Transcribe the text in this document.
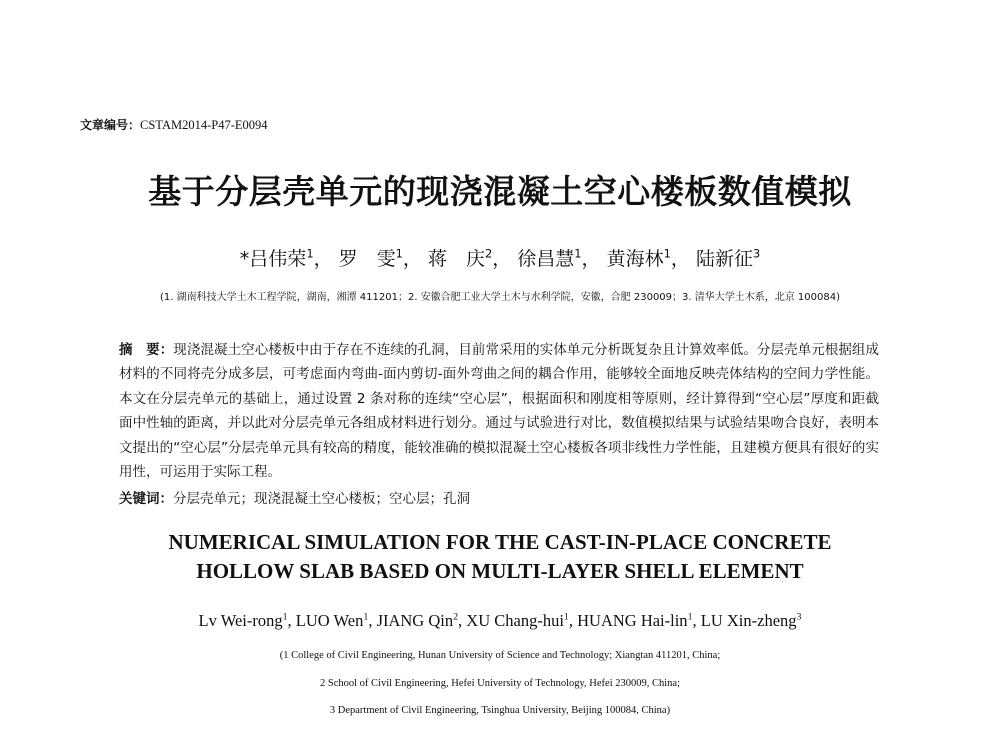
文章编号：CSTAM2014-P47-E0094
基于分层壳单元的现浇混凝土空心楼板数值模拟
*吕伟荣$^1$， 罗　雯$^1$， 蒋　庆$^2$， 徐昌慧$^1$， 黄海林$^1$， 陆新征$^3$
(1. 湖南科技大学土木工程学院，湖南，湘潭 411201；2. 安徽合肥工业大学土木与水利学院，安徽，合肥 230009；3. 清华大学土木系，北京 100084)
摘　要：现浇混凝土空心楼板中由于存在不连续的孔洞，目前常采用的实体单元分析既复杂且计算效率低。分层壳单元根据组成材料的不同将壳分成多层，可考虑面内弯曲-面内剪切-面外弯曲之间的耦合作用，能够较全面地反映壳体结构的空间力学性能。本文在分层壳单元的基础上，通过设置 2 条对称的连续“空心层”，根据面积和刚度相等原则，经计算得到“空心层”厚度和距截面中性轴的距离，并以此对分层壳单元各组成材料进行划分。通过与试验进行对比，数值模拟结果与试验结果吻合良好，表明本文提出的“空心层”分层壳单元具有较高的精度，能较准确的模拟混凝土空心楼板各项非线性力学性能，且建模方便具有很好的实用性，可运用于实际工程。
关键词：分层壳单元；现浇混凝土空心楼板；空心层；孔洞
NUMERICAL SIMULATION FOR THE CAST-IN-PLACE CONCRETE
HOLLOW SLAB BASED ON MULTI-LAYER SHELL ELEMENT
Lv Wei-rong$^1$, LUO Wen$^1$, JIANG Qin$^2$, XU Chang-hui$^1$, HUANG Hai-lin$^1$, LU Xin-zheng$^3$
(1 College of Civil Engineering, Hunan University of Science and Technology; Xiangtan 411201, China;
2 School of Civil Engineering, Hefei University of Technology, Hefei 230009, China;
3 Department of Civil Engineering, Tsinghua University, Beijing 100084, China)
